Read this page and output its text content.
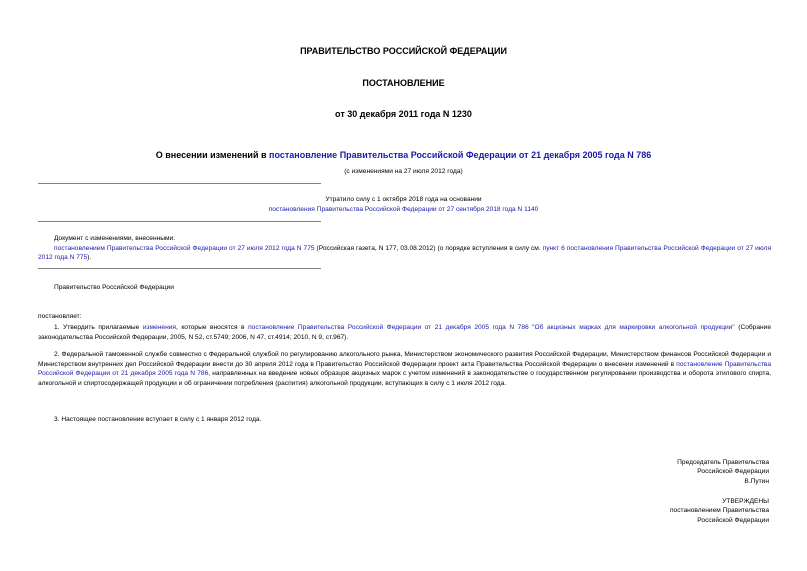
ПРАВИТЕЛЬСТВО РОССИЙСКОЙ ФЕДЕРАЦИИ
ПОСТАНОВЛЕНИЕ
от 30 декабря 2011 года N 1230
О внесении изменений в постановление Правительства Российской Федерации от 21 декабря 2005 года N 786
(с изменениями на 27 июля 2012 года)
Утратило силу с 1 октября 2018 года на основании
постановления Правительства Российской Федерации от 27 сентября 2018 года N 1140
Документ с изменениями, внесенными:
постановлением Правительства Российской Федерации от 27 июля 2012 года N 775 (Российская газета, N 177, 03.08.2012) (о порядке вступления в силу см. пункт 6 постановления Правительства Российской Федерации от 27 июля 2012 года N 775).
Правительство Российской Федерации
постановляет:
1. Утвердить прилагаемые изменения, которые вносятся в постановление Правительства Российской Федерации от 21 декабря 2005 года N 786 "Об акцизных марках для маркировки алкогольной продукции" (Собрание законодательства Российской Федерации, 2005, N 52, ст.5749; 2006, N 47, ст.4914; 2010, N 9, ст.967).
2. Федеральной таможенной службе совместно с Федеральной службой по регулированию алкогольного рынка, Министерством экономического развития Российской Федерации, Министерством финансов Российской Федерации и Министерством внутренних дел Российской Федерации внести до 30 апреля 2012 года в Правительство Российской Федерации проект акта Правительства Российской Федерации о внесении изменений в постановление Правительства Российской Федерации от 21 декабря 2005 года N 786, направленных на введение новых образцов акцизных марок с учетом изменений в законодательстве о государственном регулировании производства и оборота этилового спирта, алкогольной и спиртосодержащей продукции и об ограничении потребления (распития) алкогольной продукции, вступающих в силу с 1 июля 2012 года.
3. Настоящее постановление вступает в силу с 1 января 2012 года.
Председатель Правительства
Российской Федерации
В.Путин
УТВЕРЖДЕНЫ
постановлением Правительства
Российской Федерации
